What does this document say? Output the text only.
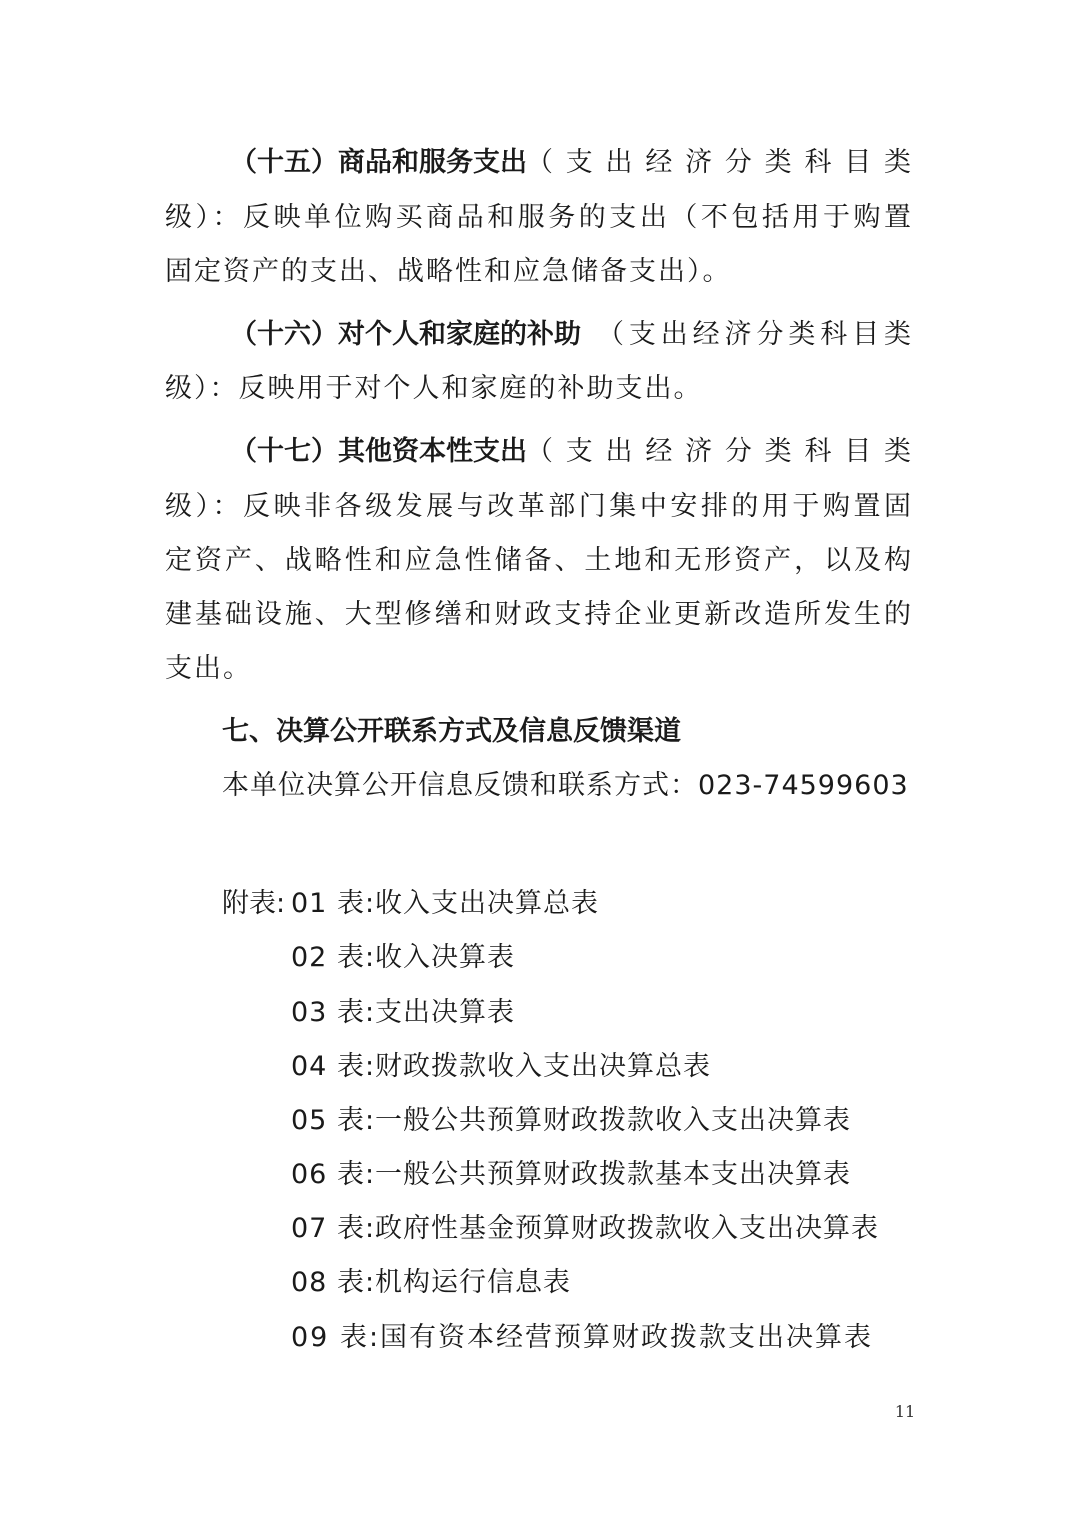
（十五）商品和服务支出 （支出经济分类科目类
级）：反映单位购买商品和服务的支出（不包括用于购置
固定资产的支出、战略性和应急储备支出）。
（十六）对个人和家庭的补助 （支出经济分类科目类
级）：反映用于对个人和家庭的补助支出。
（十七）其他资本性支出 （支出经济分类科目类
级）：反映非各级发展与改革部门集中安排的用于购置固
定资产、战略性和应急性储备、土地和无形资产，以及构
建基础设施、大型修缮和财政支持企业更新改造所发生的
支出。
七、决算公开联系方式及信息反馈渠道
本单位决算公开信息反馈和联系方式：023-74599603
附表: 01 表:收入支出决算总表
02 表:收入决算表
03 表:支出决算表
04 表:财政拨款收入支出决算总表
05 表:一般公共预算财政拨款收入支出决算表
06 表:一般公共预算财政拨款基本支出决算表
07 表:政府性基金预算财政拨款收入支出决算表
08 表:机构运行信息表
09 表:国有资本经营预算财政拨款支出决算表
11
